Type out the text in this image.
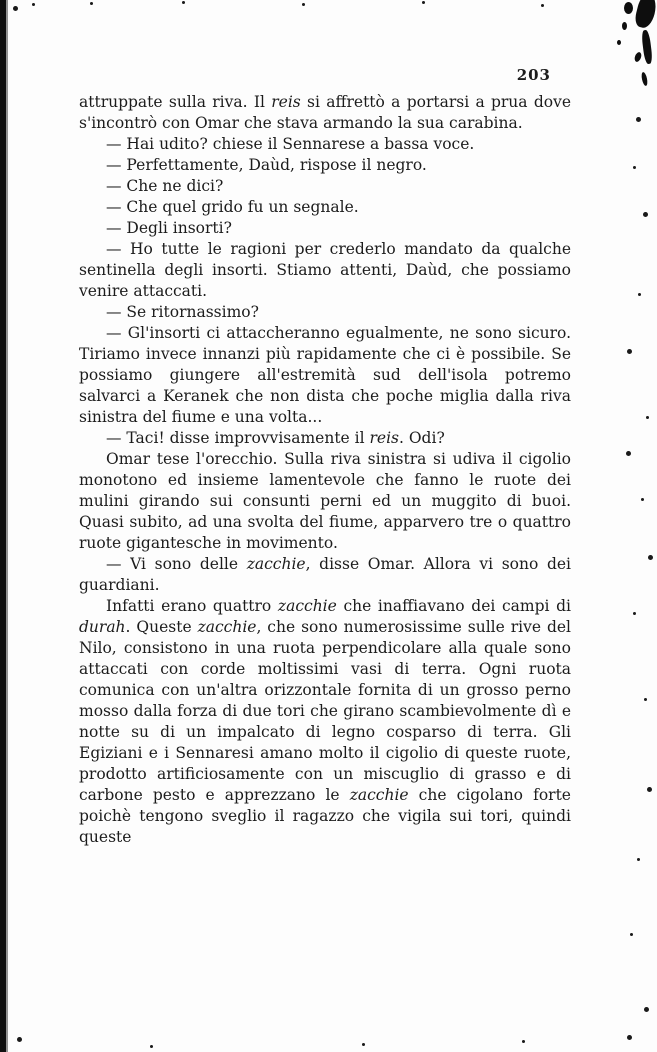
203

attruppate sulla riva. Il reis si affrettò a portarsi a prua dove s'incontrò con Omar che stava armando la sua carabina.

— Hai udito? chiese il Sennarese a bassa voce.

— Perfettamente, Daùd, rispose il negro.

— Che ne dici?

— Che quel grido fu un segnale.

— Degli insorti?

— Ho tutte le ragioni per crederlo mandato da qualche sentinella degli insorti. Stiamo attenti, Daùd, che possiamo venire attaccati.

— Se ritornassimo?

— Gl'insorti ci attaccheranno egualmente, ne sono sicuro. Tiriamo invece innanzi più rapidamente che ci è possibile. Se possiamo giungere all'estremità sud dell'isola potremo salvarci a Keranek che non dista che poche miglia dalla riva sinistra del fiume e una volta...

— Taci! disse improvvisamente il reis. Odi?

Omar tese l'orecchio. Sulla riva sinistra si udiva il cigolio monotono ed insieme lamentevole che fanno le ruote dei mulini girando sui consunti perni ed un muggito di buoi. Quasi subito, ad una svolta del fiume, apparvero tre o quattro ruote gigantesche in movimento.

— Vi sono delle zacchie, disse Omar. Allora vi sono dei guardiani.

Infatti erano quattro zacchie che inaffiavano dei campi di durah. Queste zacchie, che sono numerosissime sulle rive del Nilo, consistono in una ruota perpendicolare alla quale sono attaccati con corde moltissimi vasi di terra. Ogni ruota comunica con un'altra orizzontale fornita di un grosso perno mosso dalla forza di due tori che girano scambievolmente dì e notte su di un impalcato di legno cosparso di terra. Gli Egiziani e i Sennaresi amano molto il cigolio di queste ruote, prodotto artificiosamente con un miscuglio di grasso e di carbone pesto e apprezzano le zacchie che cigolano forte poichè tengono sveglio il ragazzo che vigila sui tori, quindi queste
